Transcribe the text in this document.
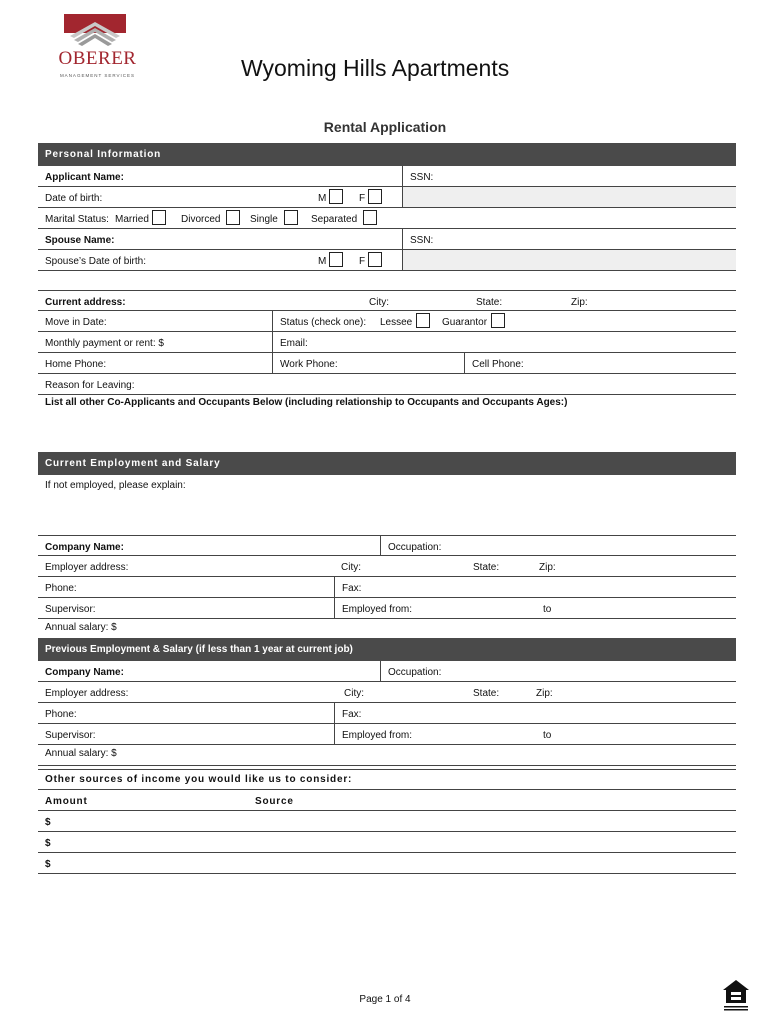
OBERER
MANAGEMENT SERVICES	Wyoming Hills Apartments
Rental Application
Personal Information
Applicant Name:	SSN:
Date of birth:	M	F
Marital Status: Married	Divorced	Single	Separated
Spouse Name:	SSN:
Spouse’s Date of birth:	M	F
Current address:	City:	State:	Zip:
Move in Date:	Status (check one):	Lessee	Guarantor
Monthly payment or rent: $	Email:
Home Phone:	Work Phone:	Cell Phone:
Reason for Leaving:
List all other Co-Applicants and Occupants Below (including relationship to Occupants and Occupants Ages:)
Current Employment and Salary
If not employed, please explain:
Company Name:	Occupation:
Employer address:	City:	State:	Zip:
Phone:	Fax:
Supervisor:	Employed from:	to
Annual salary: $
Previous Employment & Salary (if less than 1 year at current job)
Company Name:	Occupation:
Employer address:	City:	State:	Zip:
Phone:	Fax:
Supervisor:	Employed from:	to
Annual salary: $
Other sources of income you would like us to consider:
Amount	Source
$
$
$
Page 1 of 4
